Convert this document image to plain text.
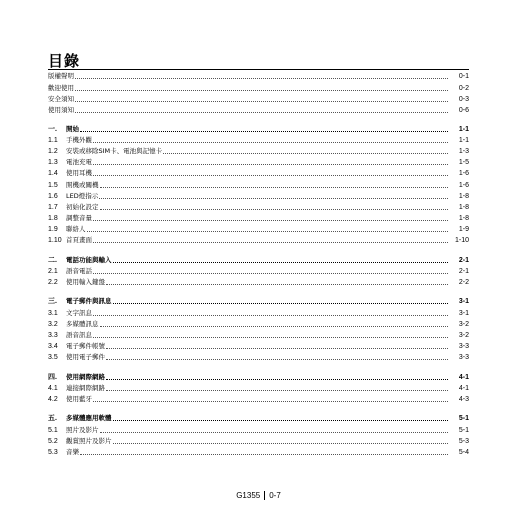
目錄
版權聲明	0-1
歡迎使用	0-2
安全須知	0-3
使用須知	0-6
一.	開始	1-1
1.1	手機外觀	1-1
1.2	安裝或移除SIM卡、電池與記憶卡	1-3
1.3	電池充電	1-5
1.4	使用耳機	1-6
1.5	開機或關機	1-6
1.6	LED燈指示	1-8
1.7	初始化設定	1-8
1.8	調整音量	1-8
1.9	聯絡人	1-9
1.10 首頁畫面	1-10
二.	電話功能與輸入	2-1
2.1	語音電話	2-1
2.2	使用輸入鍵盤	2-2
三.	電子郵件與訊息	3-1
3.1	文字訊息	3-1
3.2	多媒體訊息	3-2
3.3	語音訊息	3-2
3.4	電子郵件帳號	3-3
3.5	使用電子郵件	3-3
四.	使用網際網路	4-1
4.1	連接網際網路	4-1
4.2	使用藍牙	4-3
五.	多媒體應用軟體	5-1
5.1	照片及影片	5-1
5.2	觀賞照片及影片	5-3
5.3	音樂	5-4
G1355 0-7
